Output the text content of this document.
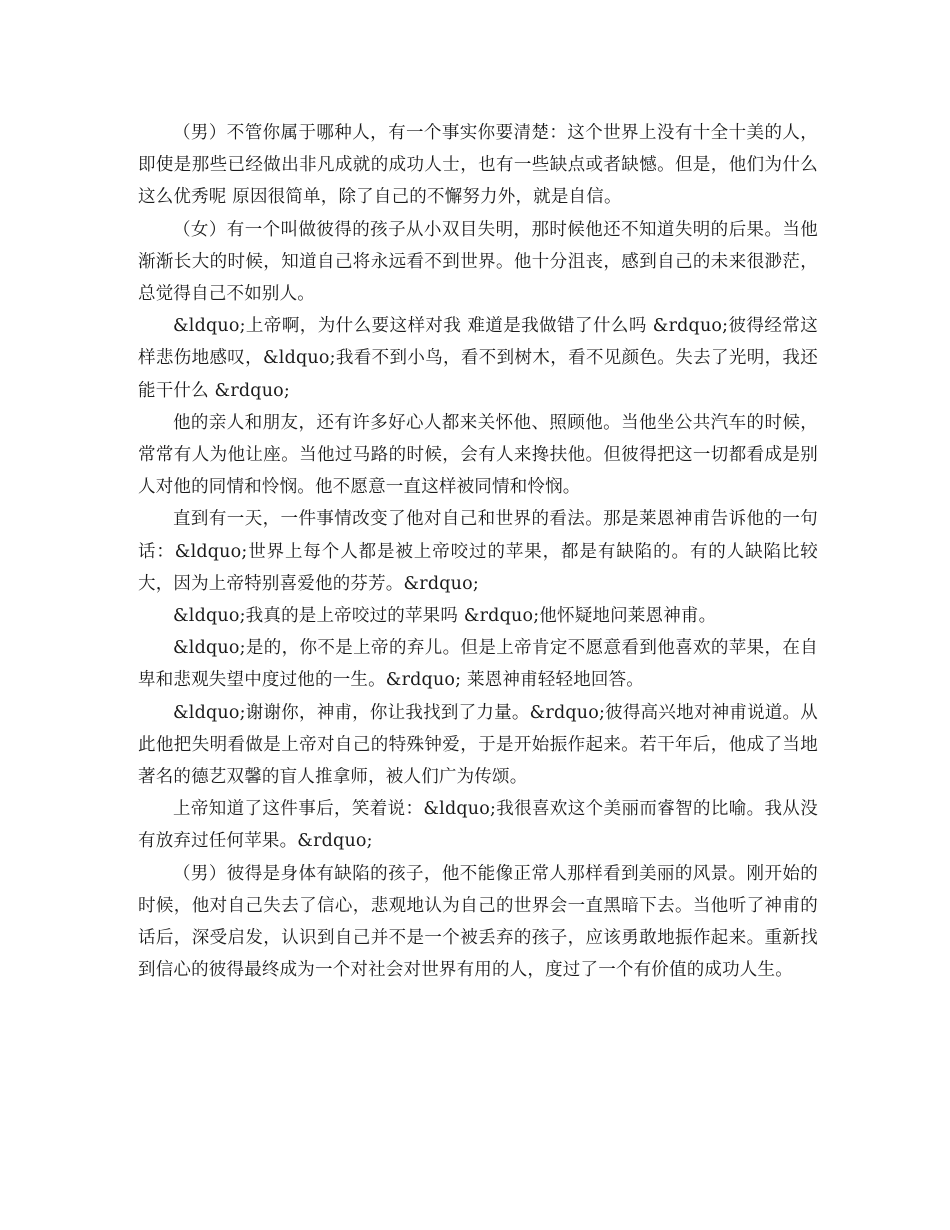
（男）不管你属于哪种人，有一个事实你要清楚：这个世界上没有十全十美的人，即使是那些已经做出非凡成就的成功人士，也有一些缺点或者缺憾。但是，他们为什么这么优秀呢 原因很简单，除了自己的不懈努力外，就是自信。

（女）有一个叫做彼得的孩子从小双目失明，那时候他还不知道失明的后果。当他渐渐长大的时候，知道自己将永远看不到世界。他十分沮丧，感到自己的未来很渺茫，总觉得自己不如别人。

&ldquo;上帝啊，为什么要这样对我 难道是我做错了什么吗 &rdquo;彼得经常这样悲伤地感叹，&ldquo;我看不到小鸟，看不到树木，看不见颜色。失去了光明，我还能干什么 &rdquo;

他的亲人和朋友，还有许多好心人都来关怀他、照顾他。当他坐公共汽车的时候，常常有人为他让座。当他过马路的时候，会有人来搀扶他。但彼得把这一切都看成是别人对他的同情和怜悯。他不愿意一直这样被同情和怜悯。

直到有一天，一件事情改变了他对自己和世界的看法。那是莱恩神甫告诉他的一句话：&ldquo;世界上每个人都是被上帝咬过的苹果，都是有缺陷的。有的人缺陷比较大，因为上帝特别喜爱他的芬芳。&rdquo;

&ldquo;我真的是上帝咬过的苹果吗 &rdquo;他怀疑地问莱恩神甫。

&ldquo;是的，你不是上帝的弃儿。但是上帝肯定不愿意看到他喜欢的苹果，在自卑和悲观失望中度过他的一生。&rdquo; 莱恩神甫轻轻地回答。

&ldquo;谢谢你，神甫，你让我找到了力量。&rdquo;彼得高兴地对神甫说道。从此他把失明看做是上帝对自己的特殊钟爱，于是开始振作起来。若干年后，他成了当地著名的德艺双馨的盲人推拿师，被人们广为传颂。

上帝知道了这件事后，笑着说：&ldquo;我很喜欢这个美丽而睿智的比喻。我从没有放弃过任何苹果。&rdquo;

（男）彼得是身体有缺陷的孩子，他不能像正常人那样看到美丽的风景。刚开始的时候，他对自己失去了信心，悲观地认为自己的世界会一直黑暗下去。当他听了神甫的话后，深受启发，认识到自己并不是一个被丢弃的孩子，应该勇敢地振作起来。重新找到信心的彼得最终成为一个对社会对世界有用的人，度过了一个有价值的成功人生。
